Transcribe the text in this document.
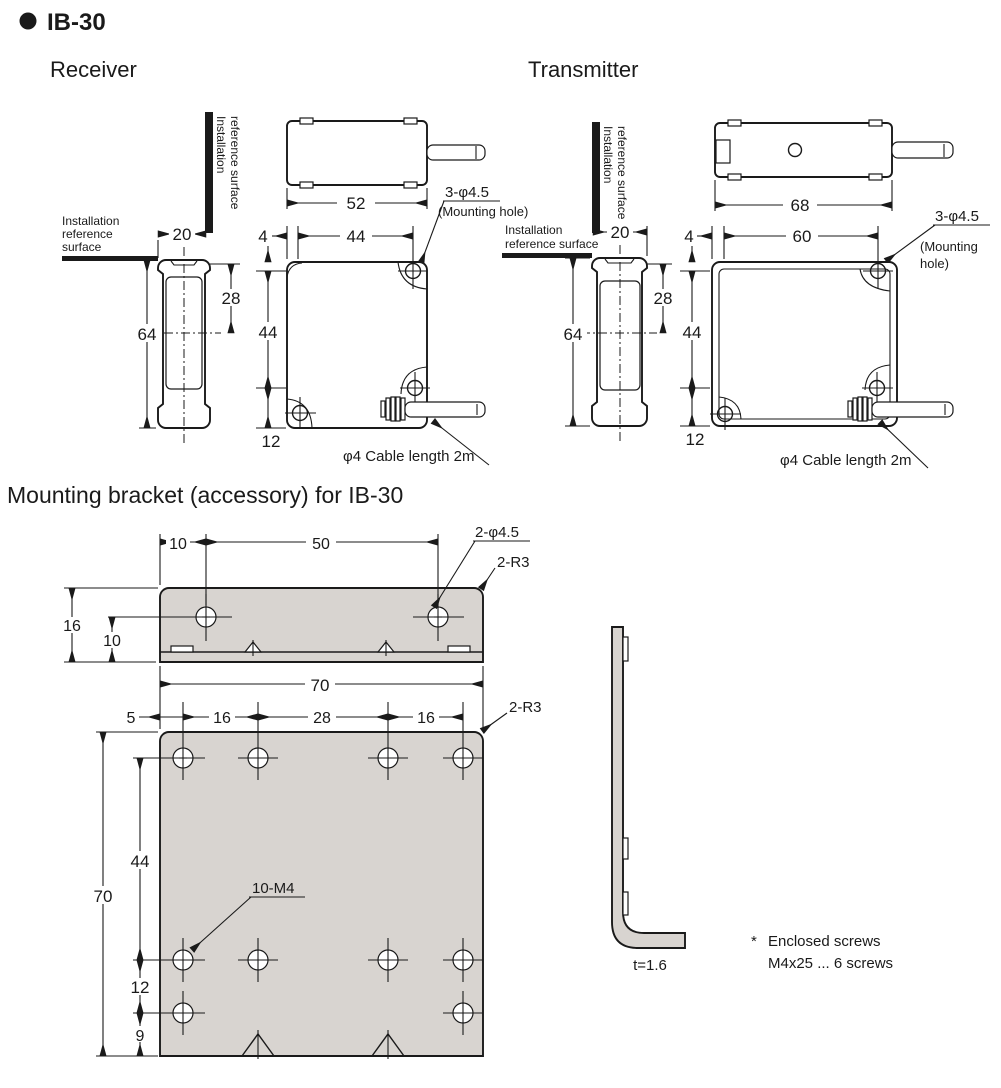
IB-30
Receiver	Transmitter
Installation reference surface	52
3-φ4.5
(Mounting hole)
Installation
reference
surface
20
64
28
4	44
44
12
φ4 Cable length 2m
Installation reference surface	68
3-φ4.5
(Mounting
hole)
Installation
reference surface
20
64
28
4	60
44
12
φ4 Cable length 2m
Mounting bracket (accessory) for IB-30
10	50
2-φ4.5
2-R3
16
10
70
5	16	28	16
2-R3
70
44
12
9
10-M4
t=1.6
* Enclosed screws
M4x25 ... 6 screws
